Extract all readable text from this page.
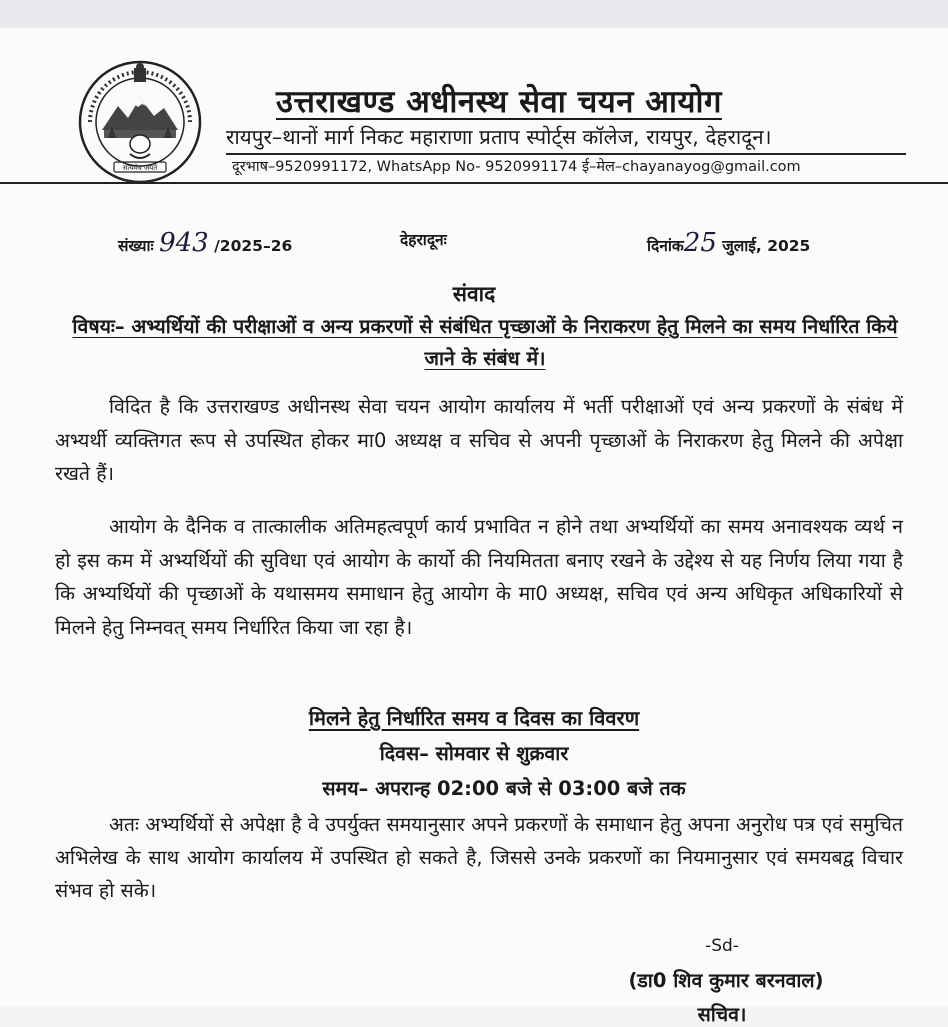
सत्यमेव जयते
उत्तराखण्ड अधीनस्थ सेवा चयन आयोग
रायपुर–थानों मार्ग निकट महाराणा प्रताप स्पोर्ट्स कॉलेज, रायपुर, देहरादून।
दूरभाष–9520991172, WhatsApp No- 9520991174 ई–मेल–chayanayog@gmail.com
संख्याः 943 /2025–26	देहरादूनः	दिनांक25 जुलाई, 2025
संवाद
विषयः– अभ्यर्थियों की परीक्षाओं व अन्य प्रकरणों से संबंधित पृच्छाओं के निराकरण हेतु मिलने का समय निर्धारित किये जाने के संबंध में।
विदित है कि उत्तराखण्ड अधीनस्थ सेवा चयन आयोग कार्यालय में भर्ती परीक्षाओं एवं अन्य प्रकरणों के संबंध में अभ्यर्थी व्यक्तिगत रूप से उपस्थित होकर मा0 अध्यक्ष व सचिव से अपनी पृच्छाओं के निराकरण हेतु मिलने की अपेक्षा रखते हैं।
आयोग के दैनिक व तात्कालीक अतिमहत्वपूर्ण कार्य प्रभावित न होने तथा अभ्यर्थियों का समय अनावश्यक व्यर्थ न हो इस कम में अभ्यर्थियों की सुविधा एवं आयोग के कार्यो की नियमितता बनाए रखने के उद्देश्य से यह निर्णय लिया गया है कि अभ्यर्थियों की पृच्छाओं के यथासमय समाधान हेतु आयोग के मा0 अध्यक्ष, सचिव एवं अन्य अधिकृत अधिकारियों से मिलने हेतु निम्नवत् समय निर्धारित किया जा रहा है।
मिलने हेतु निर्धारित समय व दिवस का विवरण
दिवस– सोमवार से शुक्रवार
समय– अपरान्ह 02:00 बजे से 03:00 बजे तक
अतः अभ्यर्थियों से अपेक्षा है वे उपर्युक्त समयानुसार अपने प्रकरणों के समाधान हेतु अपना अनुरोध पत्र एवं समुचित अभिलेख के साथ आयोग कार्यालय में उपस्थित हो सकते है, जिससे उनके प्रकरणों का नियमानुसार एवं समयबद्व विचार संभव हो सके।
-Sd-
(डा0 शिव कुमार बरनवाल)
सचिव।
